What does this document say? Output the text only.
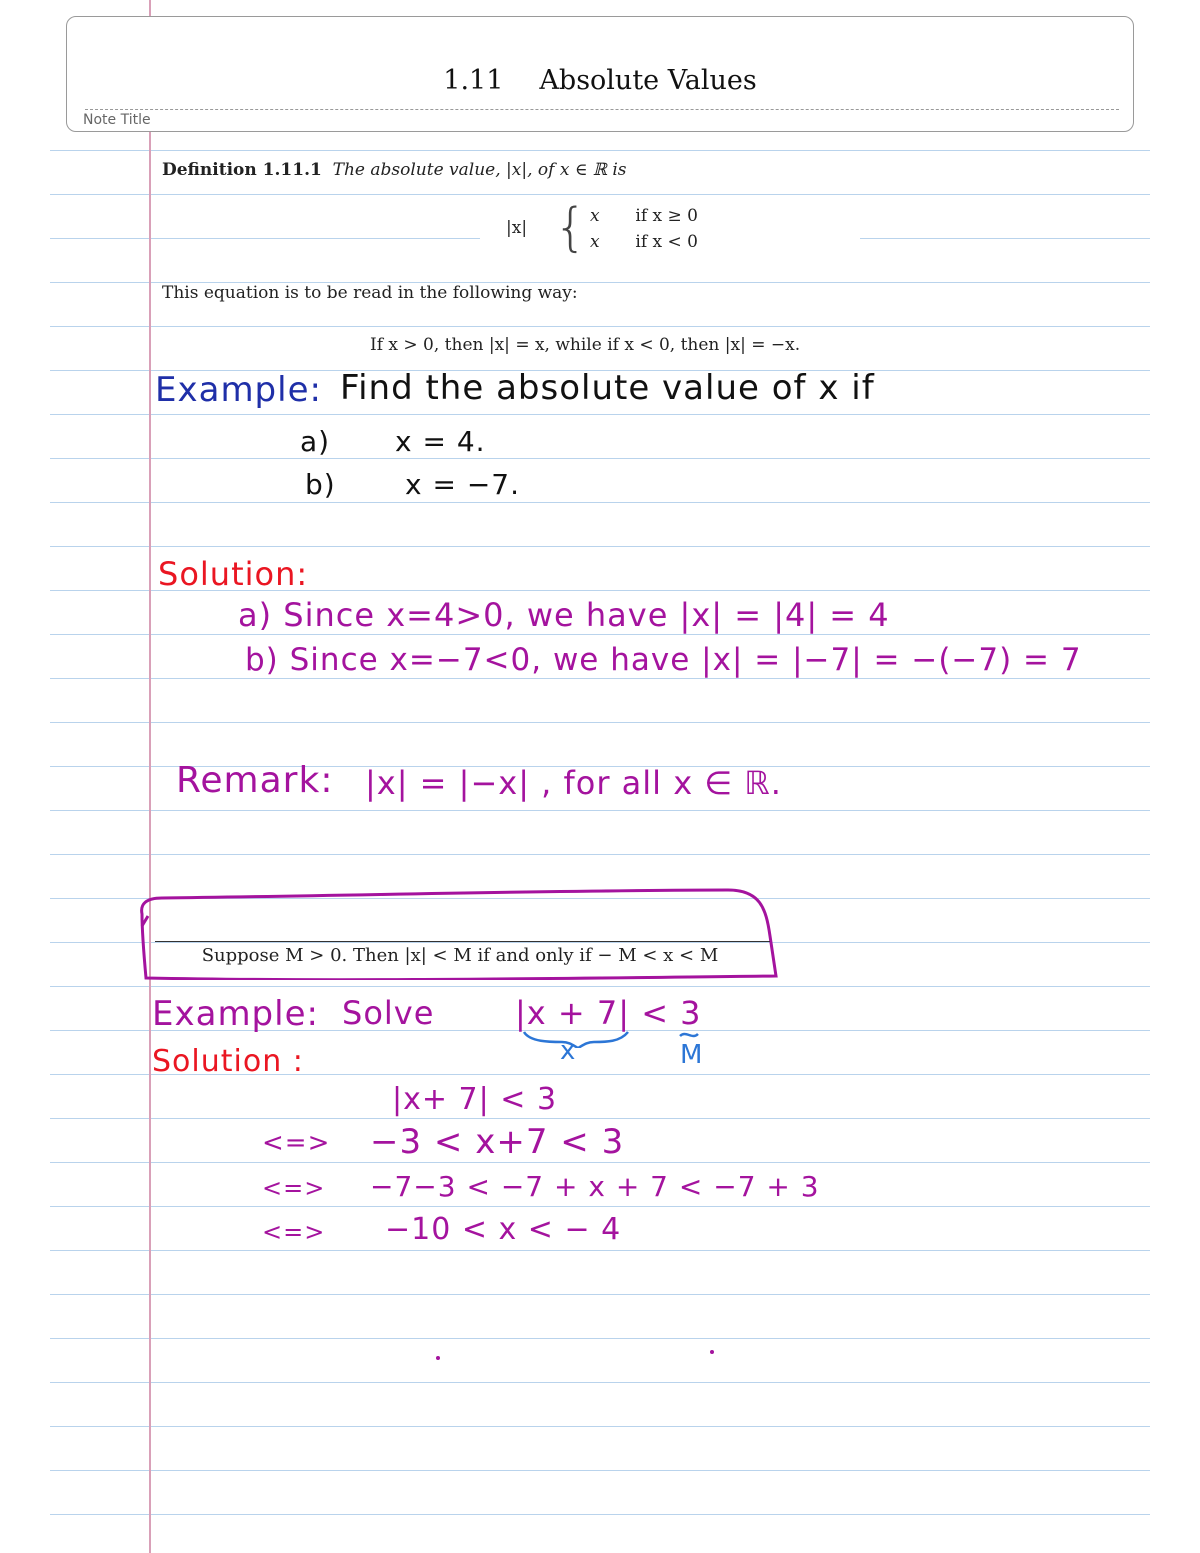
1.11 Absolute Values
Note Title
Definition 1.11.1 The absolute value, |x|, of x ∈ ℝ is
|x| { x if x ≥ 0
x if x < 0
This equation is to be read in the following way:
If x > 0, then |x| = x, while if x < 0, then |x| = −x.
Example: Find the absolute value of x if
a) x = 4.
b) x = −7.
Solution:
a) Since x=4>0, we have |x| = |4| = 4
b) Since x=−7<0, we have |x| = |−7| = −(−7) = 7
Remark: |x| = |−x| , for all x ∈ ℝ.
Suppose M > 0. Then |x| < M if and only if − M < x < M
Example: Solve	|x + 7| < 3
x	M
Solution :
|x+ 7| < 3
<=> −3 < x+7 < 3
<=> −7−3 < −7 + x + 7 < −7 + 3
<=> −10 < x < − 4
